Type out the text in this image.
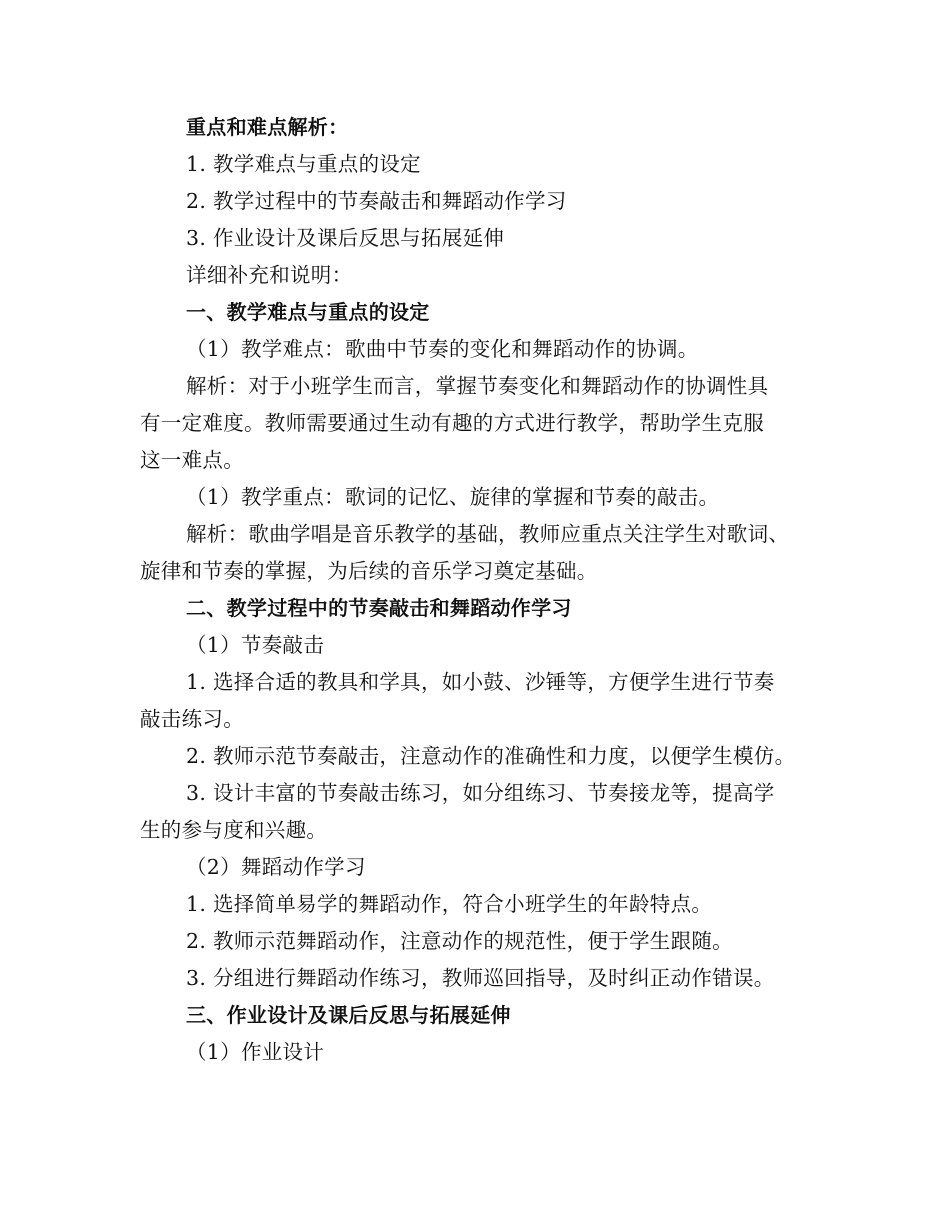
重点和难点解析：
1. 教学难点与重点的设定
2. 教学过程中的节奏敲击和舞蹈动作学习
3. 作业设计及课后反思与拓展延伸
详细补充和说明：
一、教学难点与重点的设定
（1）教学难点：歌曲中节奏的变化和舞蹈动作的协调。
解析：对于小班学生而言，掌握节奏变化和舞蹈动作的协调性具
有一定难度。教师需要通过生动有趣的方式进行教学，帮助学生克服
这一难点。
（1）教学重点：歌词的记忆、旋律的掌握和节奏的敲击。
解析：歌曲学唱是音乐教学的基础，教师应重点关注学生对歌词、
旋律和节奏的掌握，为后续的音乐学习奠定基础。
二、教学过程中的节奏敲击和舞蹈动作学习
（1）节奏敲击
1. 选择合适的教具和学具，如小鼓、沙锤等，方便学生进行节奏
敲击练习。
2. 教师示范节奏敲击，注意动作的准确性和力度，以便学生模仿。
3. 设计丰富的节奏敲击练习，如分组练习、节奏接龙等，提高学
生的参与度和兴趣。
（2）舞蹈动作学习
1. 选择简单易学的舞蹈动作，符合小班学生的年龄特点。
2. 教师示范舞蹈动作，注意动作的规范性，便于学生跟随。
3. 分组进行舞蹈动作练习，教师巡回指导，及时纠正动作错误。
三、作业设计及课后反思与拓展延伸
（1）作业设计
